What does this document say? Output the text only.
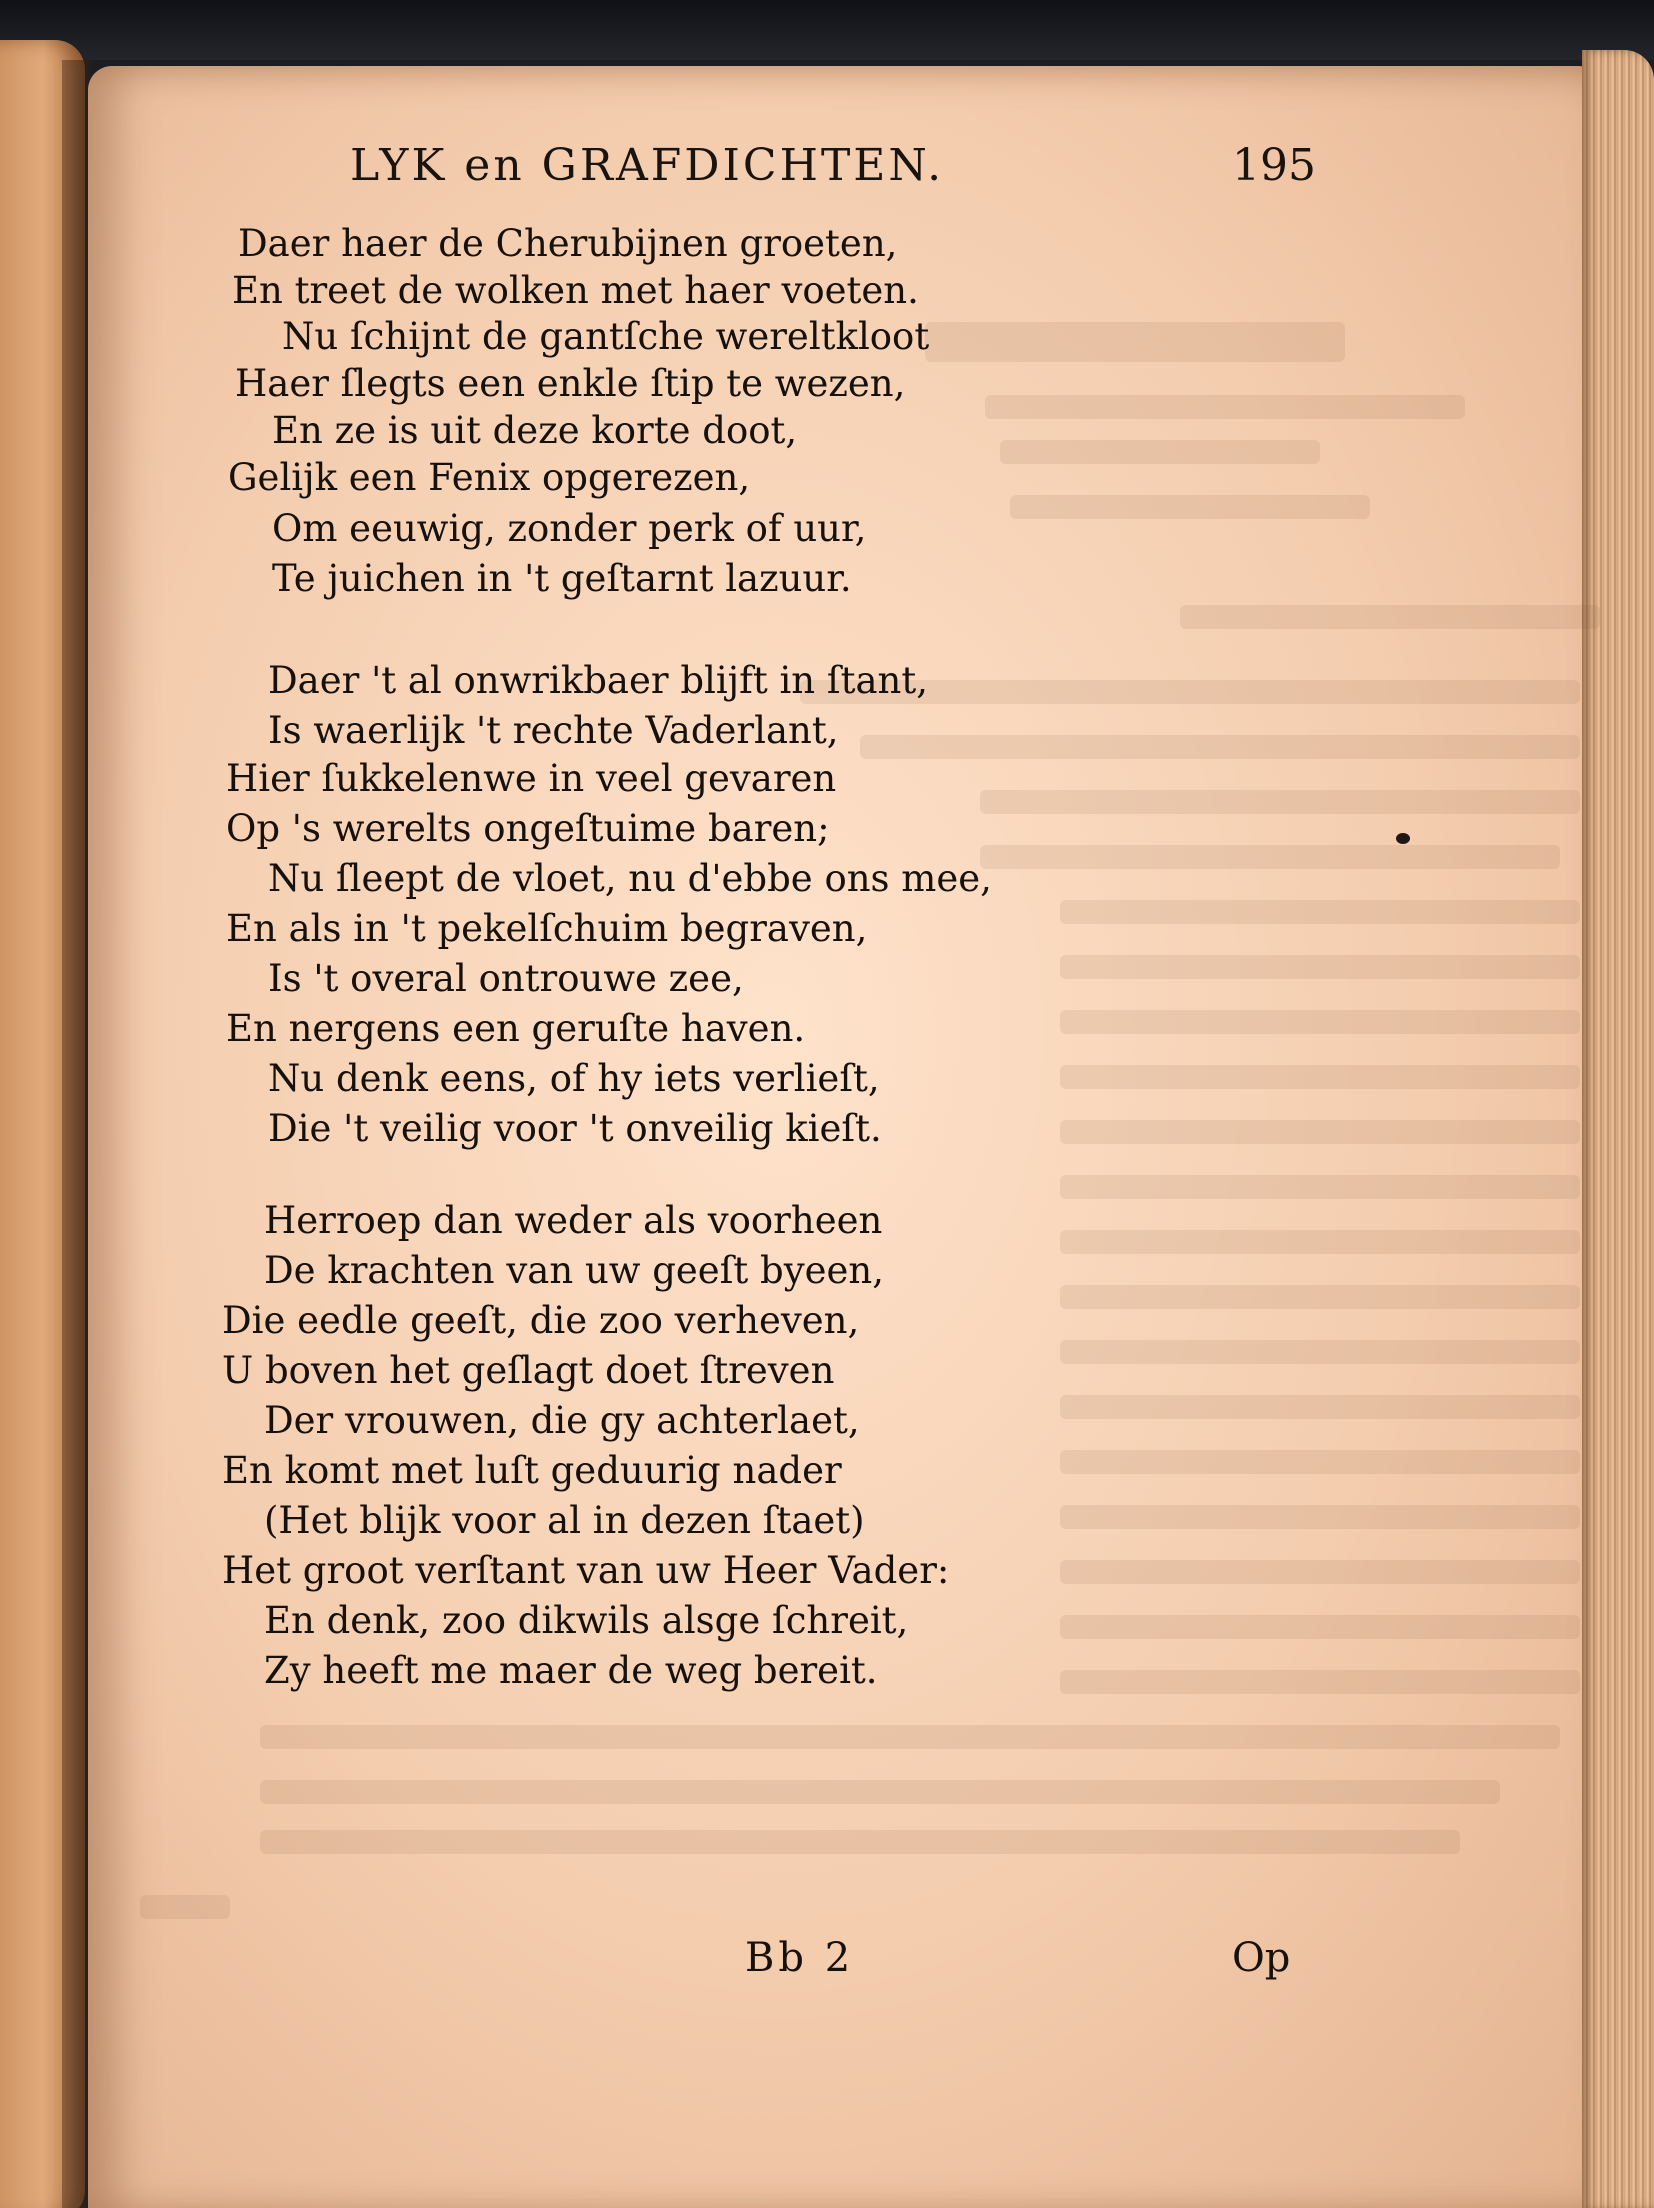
LYK en GRAFDICHTEN.	195
Daer haer de Cherubijnen groeten,
En treet de wolken met haer voeten.
Nu ſchijnt de gantſche wereltkloot
Haer ſlegts een enkle ſtip te wezen,
En ze is uit deze korte doot,
Gelijk een Fenix opgerezen,
Om eeuwig, zonder perk of uur,
Te juichen in 't geſtarnt lazuur.
Daer 't al onwrikbaer blijft in ſtant,
Is waerlijk 't rechte Vaderlant,
Hier ſukkelenwe in veel gevaren
Op 's werelts ongeſtuime baren;
Nu ſleept de vloet, nu d'ebbe ons mee,
En als in 't pekelſchuim begraven,
Is 't overal ontrouwe zee,
En nergens een geruſte haven.
Nu denk eens, of hy iets verlieſt,
Die 't veilig voor 't onveilig kieſt.
Herroep dan weder als voorheen
De krachten van uw geeſt byeen,
Die eedle geeſt, die zoo verheven,
U boven het geſlagt doet ſtreven
Der vrouwen, die gy achterlaet,
En komt met luſt geduurig nader
(Het blijk voor al in dezen ſtaet)
Het groot verſtant van uw Heer Vader:
En denk, zoo dikwils alsge ſchreit,
Zy heeft me maer de weg bereit.
Bb 2	Op
